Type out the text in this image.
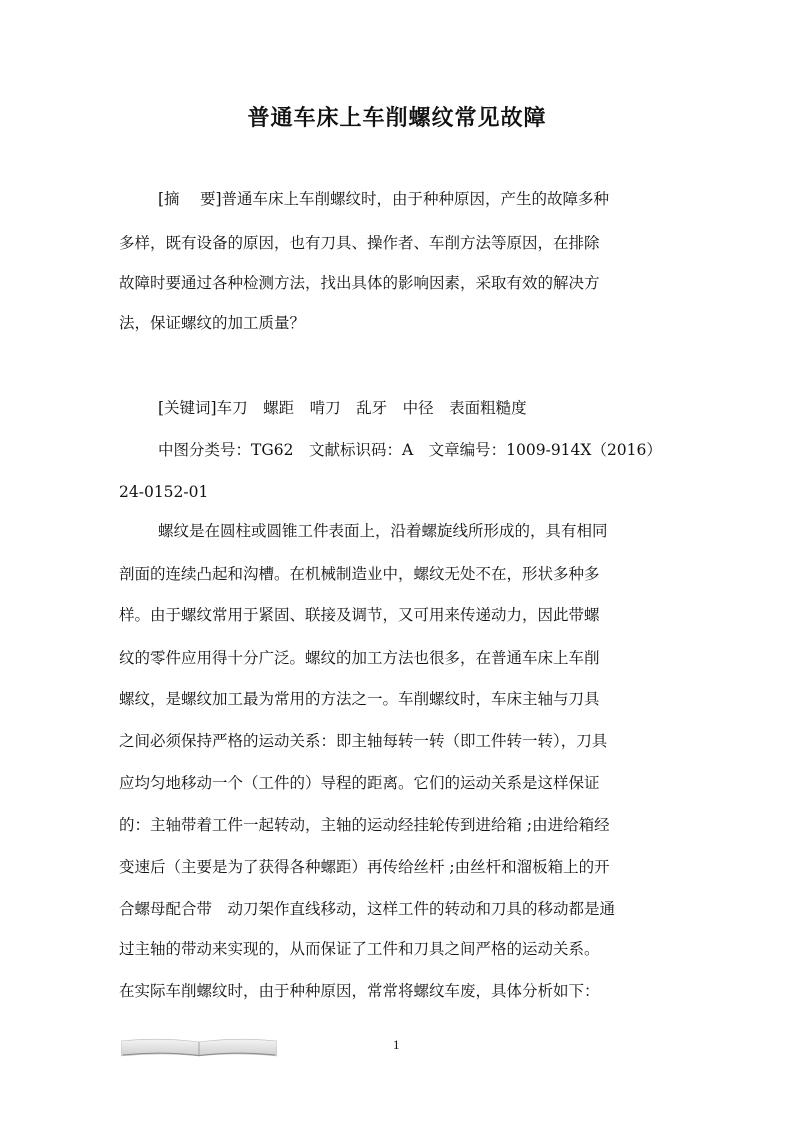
普通车床上车削螺纹常见故障
[摘　 要]普通车床上车削螺纹时，由于种种原因，产生的故障多种
多样，既有设备的原因，也有刀具、操作者、车削方法等原因，在排除
故障时要通过各种检测方法，找出具体的影响因素，采取有效的解决方
法，保证螺纹的加工质量？
[关键词]车刀　螺距　啃刀　乱牙　中径　表面粗糙度
中图分类号：TG62　文献标识码：A　文章编号：1009-914X（2016）
24-0152-01
螺纹是在圆柱或圆锥工件表面上，沿着螺旋线所形成的，具有相同
剖面的连续凸起和沟槽。在机械制造业中，螺纹无处不在，形状多种多
样。由于螺纹常用于紧固、联接及调节，又可用来传递动力，因此带螺
纹的零件应用得十分广泛。螺纹的加工方法也很多，在普通车床上车削
螺纹，是螺纹加工最为常用的方法之一。车削螺纹时，车床主轴与刀具
之间必须保持严格的运动关系：即主轴每转一转（即工件转一转），刀具
应均匀地移动一个（工件的）导程的距离。它们的运动关系是这样保证
的：主轴带着工件一起转动，主轴的运动经挂轮传到进给箱 ;由进给箱经
变速后（主要是为了获得各种螺距）再传给丝杆 ;由丝杆和溜板箱上的开
合螺母配合带　动刀架作直线移动，这样工件的转动和刀具的移动都是通
过主轴的带动来实现的，从而保证了工件和刀具之间严格的运动关系。
在实际车削螺纹时，由于种种原因，常常将螺纹车废，具体分析如下：
1
